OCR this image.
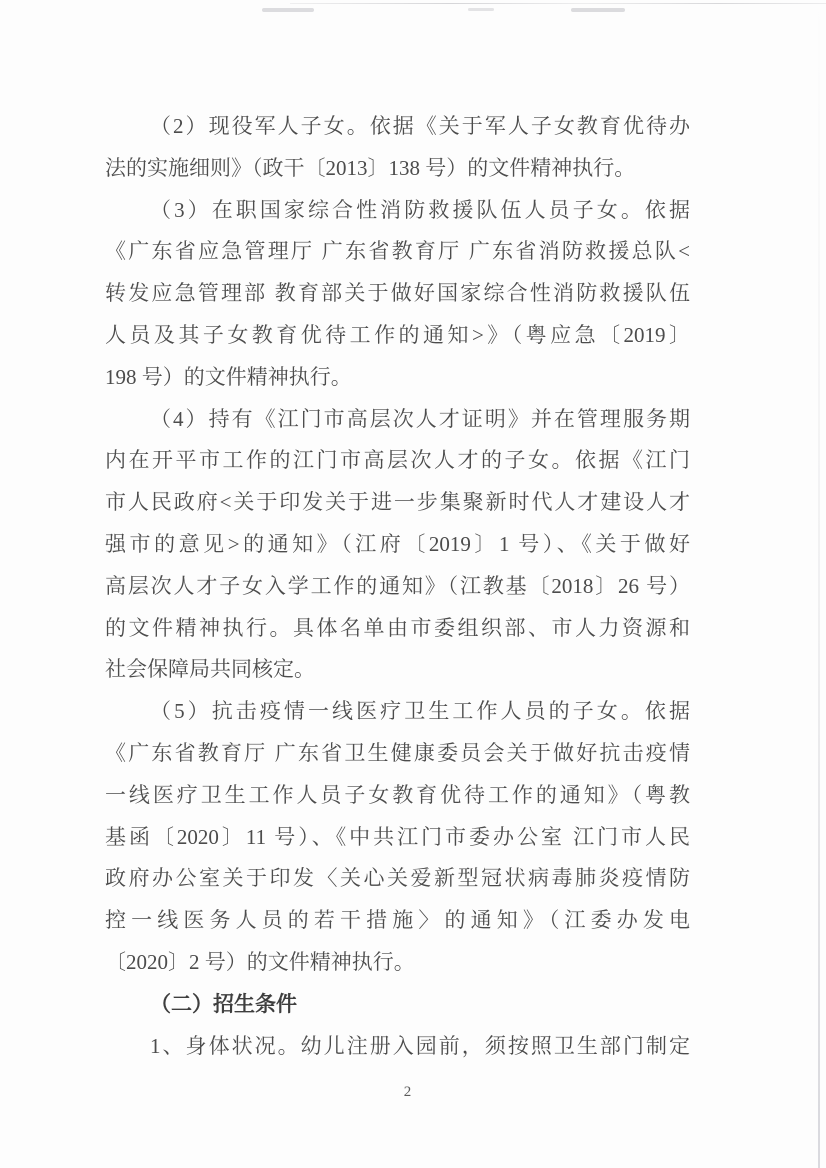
（2）现役军人子女。依据《关于军人子女教育优待办
法的实施细则》（政干〔2013〕138 号）的文件精神执行。
（3）在职国家综合性消防救援队伍人员子女。依据
《广东省应急管理厅 广东省教育厅 广东省消防救援总队<
转发应急管理部 教育部关于做好国家综合性消防救援队伍
人员及其子女教育优待工作的通知>》（粤应急〔2019〕
198 号）的文件精神执行。
（4）持有《江门市高层次人才证明》并在管理服务期
内在开平市工作的江门市高层次人才的子女。依据《江门
市人民政府<关于印发关于进一步集聚新时代人才建设人才
强市的意见>的通知》（江府〔2019〕1 号）、《关于做好
高层次人才子女入学工作的通知》（江教基〔2018〕26 号）
的文件精神执行。具体名单由市委组织部、市人力资源和
社会保障局共同核定。
（5）抗击疫情一线医疗卫生工作人员的子女。依据
《广东省教育厅 广东省卫生健康委员会关于做好抗击疫情
一线医疗卫生工作人员子女教育优待工作的通知》（粤教
基函〔2020〕11 号）、《中共江门市委办公室 江门市人民
政府办公室关于印发〈关心关爱新型冠状病毒肺炎疫情防
控一线医务人员的若干措施〉的通知》（江委办发电
〔2020〕2 号）的文件精神执行。
（二）招生条件
1、身体状况。幼儿注册入园前，须按照卫生部门制定
2
